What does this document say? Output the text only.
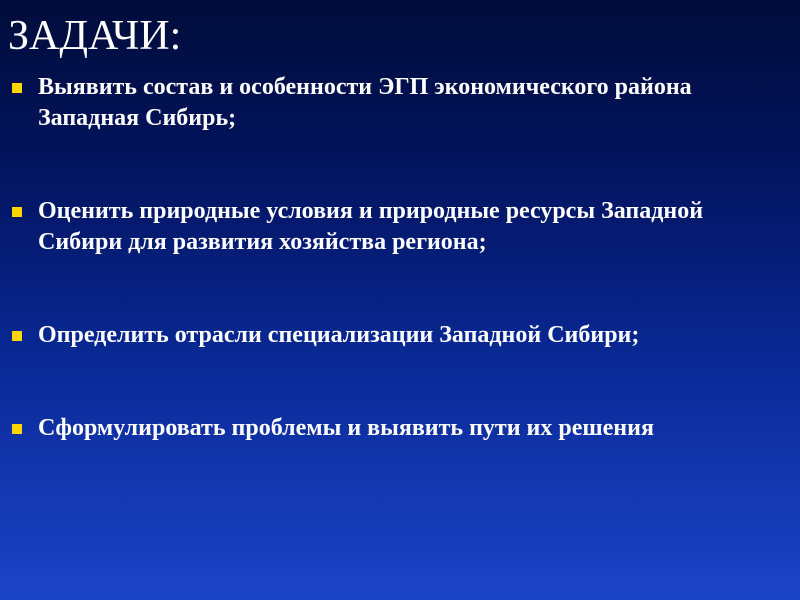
ЗАДАЧИ:
Выявить состав и особенности ЭГП экономического района Западная Сибирь;
Оценить природные условия и природные ресурсы Западной Сибири для развития хозяйства региона;
Определить отрасли специализации Западной Сибири;
Сформулировать проблемы и выявить пути их решения
